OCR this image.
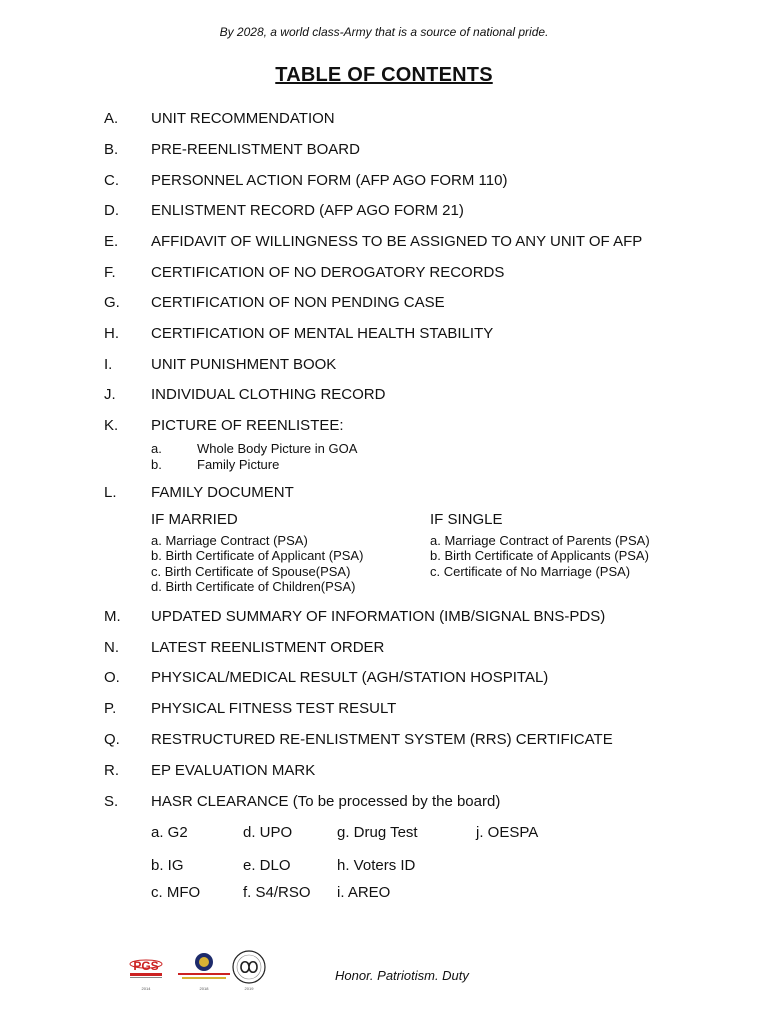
By 2028, a world class-Army that is a source of national pride.
TABLE OF CONTENTS
A. UNIT RECOMMENDATION
B. PRE-REENLISTMENT BOARD
C. PERSONNEL ACTION FORM (AFP AGO FORM 110)
D. ENLISTMENT RECORD (AFP AGO FORM 21)
E. AFFIDAVIT OF WILLINGNESS TO BE ASSIGNED TO ANY UNIT OF AFP
F. CERTIFICATION OF NO DEROGATORY RECORDS
G. CERTIFICATION OF NON PENDING CASE
H. CERTIFICATION OF MENTAL HEALTH STABILITY
I.	UNIT PUNISHMENT BOOK
J. INDIVIDUAL CLOTHING RECORD
K. PICTURE OF REENLISTEE:
a.	Whole Body Picture in GOA
b.	Family Picture
L. FAMILY DOCUMENT
IF MARRIED	IF SINGLE
a. Marriage Contract (PSA)
b. Birth Certificate of Applicant (PSA)
c. Birth Certificate of Spouse(PSA)
d. Birth Certificate of Children(PSA)
a. Marriage Contract of Parents (PSA)
b. Birth Certificate of Applicants (PSA)
c. Certificate of No Marriage (PSA)
M. UPDATED SUMMARY OF INFORMATION (IMB/SIGNAL BNS-PDS)
N. LATEST REENLISTMENT ORDER
O. PHYSICAL/MEDICAL RESULT (AGH/STATION HOSPITAL)
P. PHYSICAL FITNESS TEST RESULT
Q. RESTRUCTURED RE-ENLISTMENT SYSTEM (RRS) CERTIFICATE
R. EP EVALUATION MARK
S. HASR CLEARANCE (To be processed by the board)
a. G2	d. UPO	g. Drug Test	j. OESPA
b. IG	e. DLO	h. Voters ID
c. MFO	f. S4/RSO i. AREO
PGS
2014	2018	2019
Honor. Patriotism. Duty
